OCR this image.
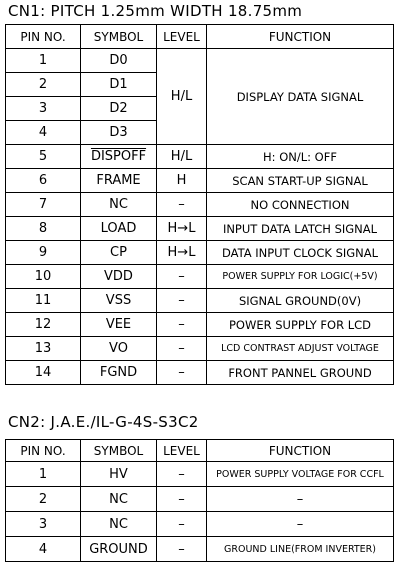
CN1: PITCH 1.25mm WIDTH 18.75mm
PIN NO.	SYMBOL	LEVEL	FUNCTION
1	D0	H/L	DISPLAY DATA SIGNAL
2	D1		
3	D2		
4	D3		
5	DISPOFF	H/L	H: ON/L: OFF
6	FRAME	H	SCAN START-UP SIGNAL
7	NC	–	NO CONNECTION
8	LOAD	H→L	INPUT DATA LATCH SIGNAL
9	CP	H→L	DATA INPUT CLOCK SIGNAL
10	VDD	–	POWER SUPPLY FOR LOGIC(+5V)
11	VSS	–	SIGNAL GROUND(0V)
12	VEE	–	POWER SUPPLY FOR LCD
13	VO	–	LCD CONTRAST ADJUST VOLTAGE
14	FGND	–	FRONT PANNEL GROUND
CN2: J.A.E./IL-G-4S-S3C2
PIN NO.	SYMBOL	LEVEL	FUNCTION
1	HV	–	POWER SUPPLY VOLTAGE FOR CCFL
2	NC	–	–
3	NC	–	–
4	GROUND	–	GROUND LINE(FROM INVERTER)
